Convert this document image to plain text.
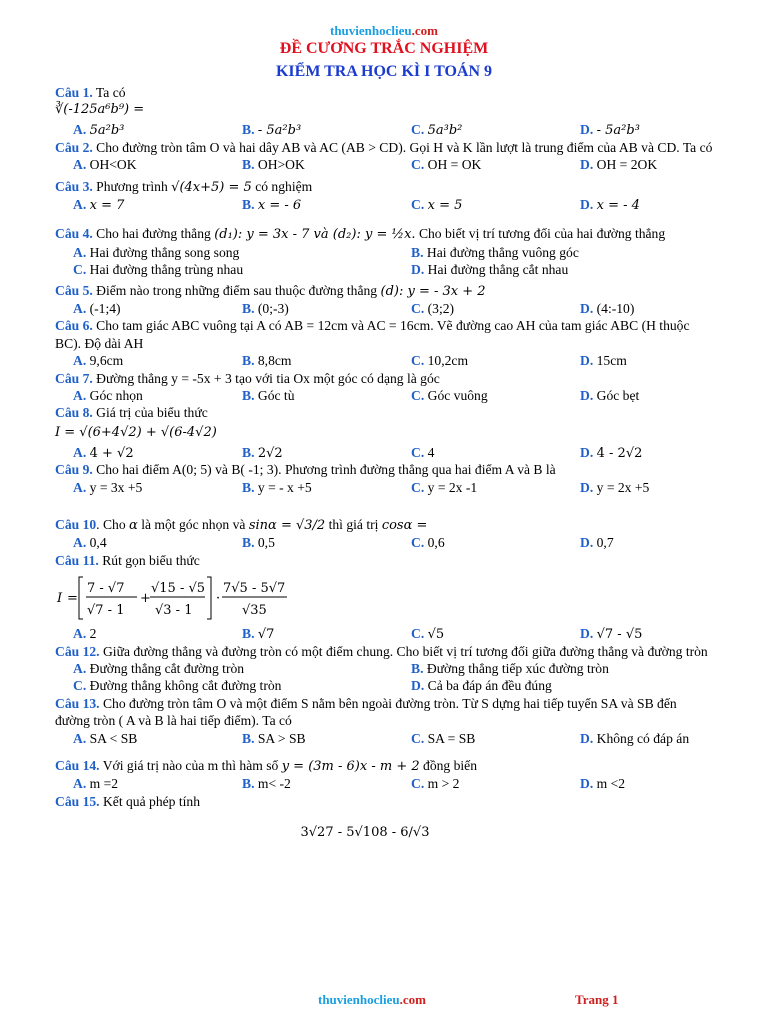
thuvienhoclieu.com
ĐỀ CƯƠNG TRẮC NGHIỆM
KIỂM TRA HỌC KÌ I TOÁN 9
Câu 1. Ta có
∛(-125a⁶b⁹) =
A. 5a²b³	B. - 5a²b³	C. 5a³b²	D. - 5a²b³
Câu 2. Cho đường tròn tâm O và hai dây AB và AC (AB > CD). Gọi H và K lần lượt là trung điểm của AB và CD. Ta có
A. OH<OK	B. OH>OK	C. OH = OK	D. OH = 2OK
Câu 3. Phương trình √(4x+5) = 5 có nghiệm
A. x = 7	B. x = - 6	C. x = 5	D. x = - 4
Câu 4. Cho hai đường thẳng (d₁): y = 3x - 7 và (d₂): y = ½x. Cho biết vị trí tương đối của hai đường thẳng
A. Hai đường thẳng song song	B. Hai đường thẳng vuông góc
C. Hai đường thẳng trùng nhau	D. Hai đường thẳng cắt nhau
Câu 5. Điểm nào trong những điểm sau thuộc đường thẳng (d): y = - 3x + 2
A. (-1;4)	B. (0;-3)	C. (3;2)	D. (4:-10)
Câu 6. Cho tam giác ABC vuông tại A có AB = 12cm và AC = 16cm. Vẽ đường cao AH của tam giác ABC (H thuộc BC). Độ dài AH
A. 9,6cm	B. 8,8cm	C. 10,2cm	D. 15cm
Câu 7. Đường thẳng y = -5x + 3 tạo với tia Ox một góc có dạng là góc
A. Góc nhọn	B. Góc tù	C. Góc vuông	D. Góc bẹt
Câu 8. Giá trị của biểu thức
I = √(6+4√2) + √(6-4√2)
A. 4 + √2	B. 2√2	C. 4	D. 4 - 2√2
Câu 9. Cho hai điểm A(0; 5) và B( -1; 3). Phương trình đường thẳng qua hai điểm A và B là
A. y = 3x +5	B. y = - x +5	C. y = 2x -1	D. y = 2x +5
Câu 10. Cho α là một góc nhọn và sinα = √3/2 thì giá trị cosα =
A. 0,4	B. 0,5	C. 0,6	D. 0,7
Câu 11. Rút gọn biểu thức
I =
7 - √7
√7 - 1
+
√15 - √5
√3 - 1
·
7√5 - 5√7
√35
A. 2	B. √7	C. √5	D. √7 - √5
Câu 12. Giữa đường thẳng và đường tròn có một điểm chung. Cho biết vị trí tương đối giữa đường thẳng và đường tròn
A. Đường thẳng cắt đường tròn	B. Đường thẳng tiếp xúc đường tròn
C. Đường thẳng không cắt đường tròn	D. Cả ba đáp án đều đúng
Câu 13. Cho đường tròn tâm O và một điểm S nằm bên ngoài đường tròn. Từ S dựng hai tiếp tuyến SA và SB đến đường tròn ( A và B là hai tiếp điểm). Ta có
A. SA < SB	B. SA > SB	C. SA = SB	D. Không có đáp án
Câu 14. Với giá trị nào của m thì hàm số y = (3m - 6)x - m + 2 đồng biến
A. m =2	B. m< -2	C. m > 2	D. m <2
Câu 15. Kết quả phép tính
3√27 - 5√108 - 6/√3
thuvienhoclieu.com	Trang 1
